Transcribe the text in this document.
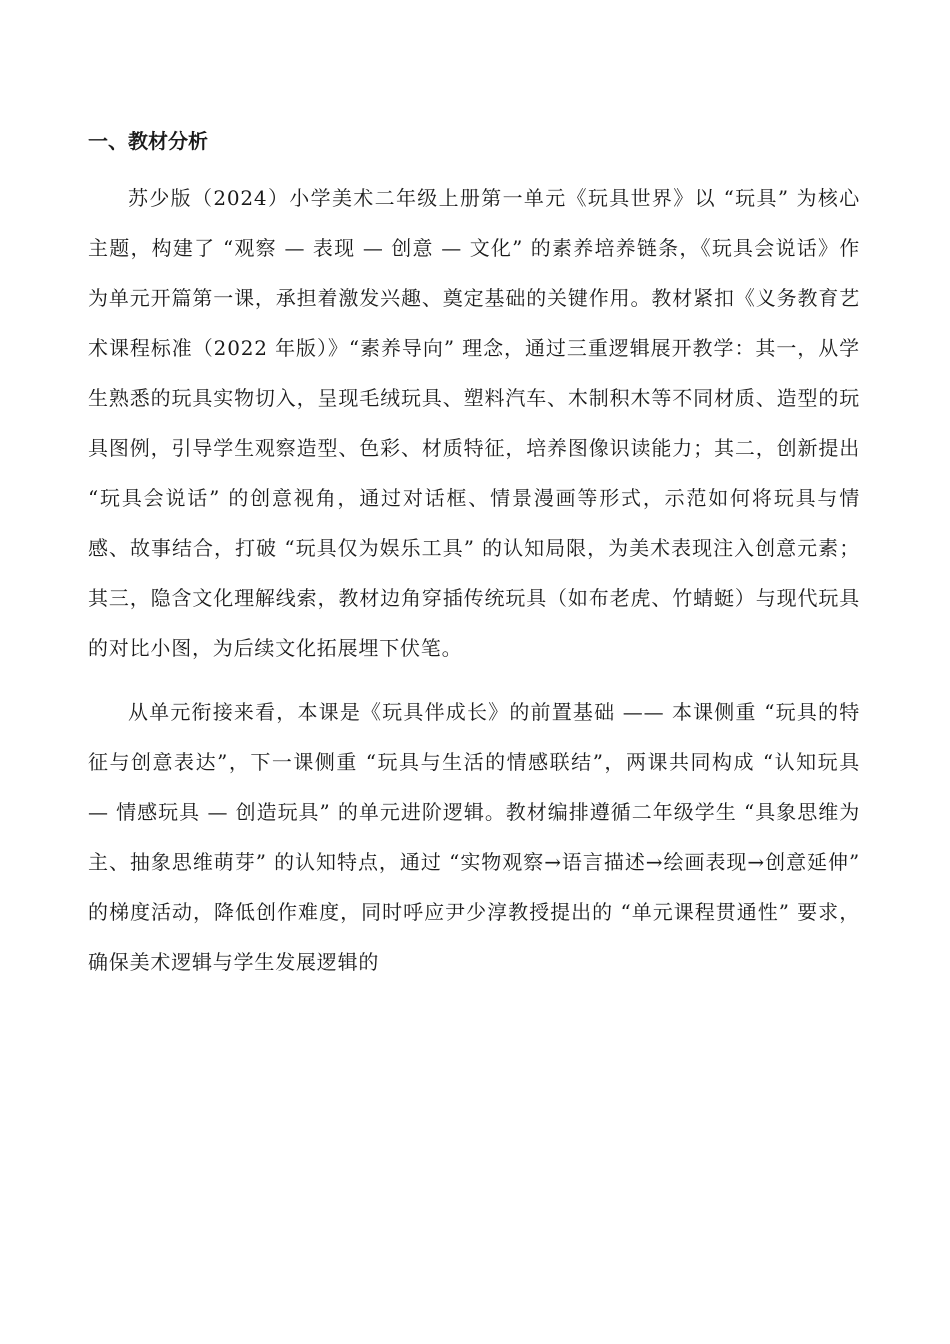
一、教材分析

苏少版（2024）小学美术二年级上册第一单元《玩具世界》以 “玩具” 为核心主题，构建了 “观察 — 表现 — 创意 — 文化” 的素养培养链条，《玩具会说话》作为单元开篇第一课，承担着激发兴趣、奠定基础的关键作用。教材紧扣《义务教育艺术课程标准（2022 年版）》“素养导向” 理念，通过三重逻辑展开教学：其一，从学生熟悉的玩具实物切入，呈现毛绒玩具、塑料汽车、木制积木等不同材质、造型的玩具图例，引导学生观察造型、色彩、材质特征，培养图像识读能力；其二，创新提出 “玩具会说话” 的创意视角，通过对话框、情景漫画等形式，示范如何将玩具与情感、故事结合，打破 “玩具仅为娱乐工具” 的认知局限，为美术表现注入创意元素；其三，隐含文化理解线索，教材边角穿插传统玩具（如布老虎、竹蜻蜓）与现代玩具的对比小图，为后续文化拓展埋下伏笔。

从单元衔接来看，本课是《玩具伴成长》的前置基础 —— 本课侧重 “玩具的特征与创意表达”，下一课侧重 “玩具与生活的情感联结”，两课共同构成 “认知玩具 — 情感玩具 — 创造玩具” 的单元进阶逻辑。教材编排遵循二年级学生 “具象思维为主、抽象思维萌芽” 的认知特点，通过 “实物观察→语言描述→绘画表现→创意延伸” 的梯度活动，降低创作难度，同时呼应尹少淳教授提出的 “单元课程贯通性” 要求，确保美术逻辑与学生发展逻辑的
